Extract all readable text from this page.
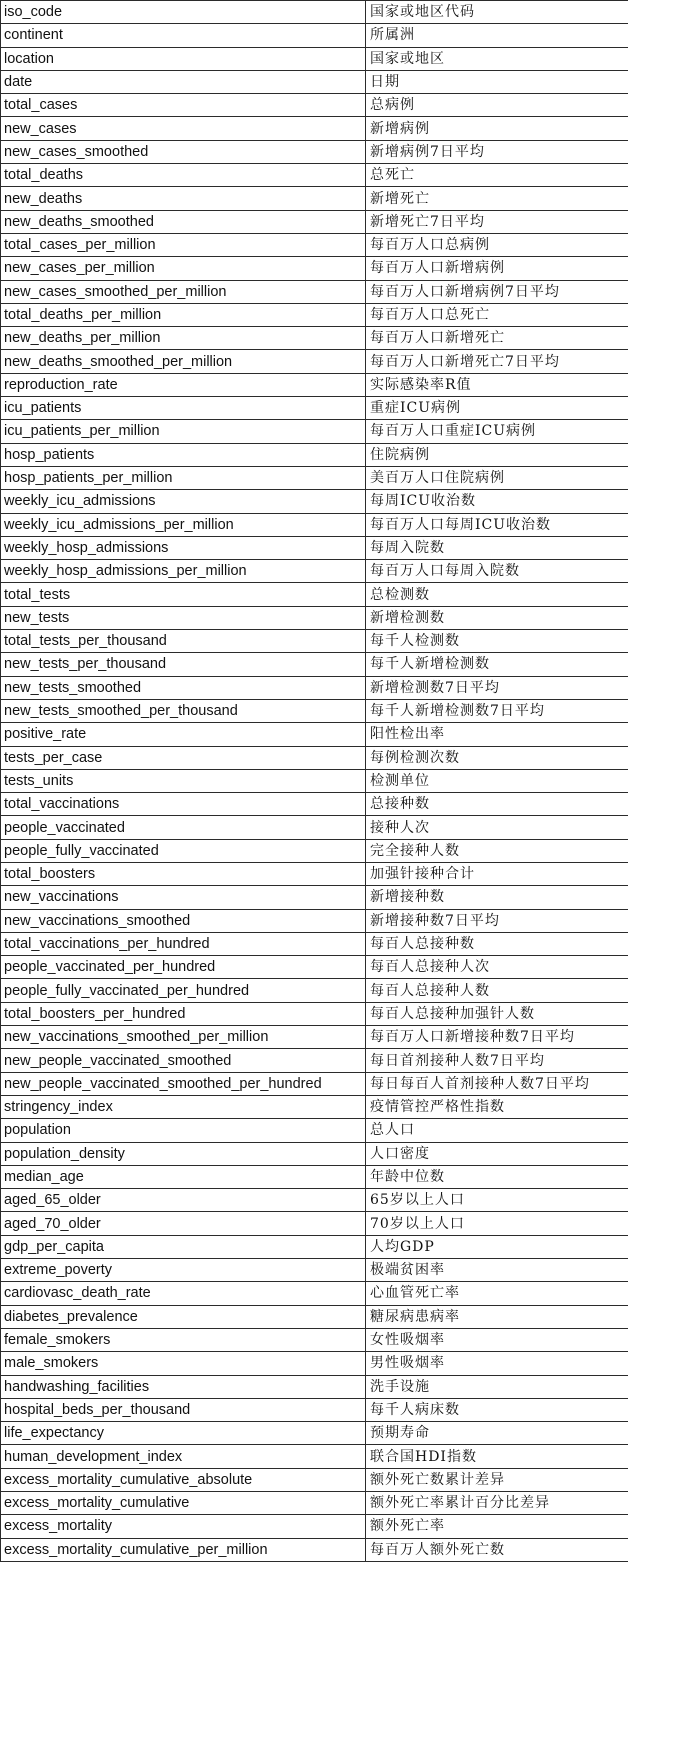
iso_code	国家或地区代码
continent	所属洲
location	国家或地区
date	日期
total_cases	总病例
new_cases	新增病例
new_cases_smoothed	新增病例7日平均
total_deaths	总死亡
new_deaths	新增死亡
new_deaths_smoothed	新增死亡7日平均
total_cases_per_million	每百万人口总病例
new_cases_per_million	每百万人口新增病例
new_cases_smoothed_per_million	每百万人口新增病例7日平均
total_deaths_per_million	每百万人口总死亡
new_deaths_per_million	每百万人口新增死亡
new_deaths_smoothed_per_million	每百万人口新增死亡7日平均
reproduction_rate	实际感染率R值
icu_patients	重症ICU病例
icu_patients_per_million	每百万人口重症ICU病例
hosp_patients	住院病例
hosp_patients_per_million	美百万人口住院病例
weekly_icu_admissions	每周ICU收治数
weekly_icu_admissions_per_million	每百万人口每周ICU收治数
weekly_hosp_admissions	每周入院数
weekly_hosp_admissions_per_million	每百万人口每周入院数
total_tests	总检测数
new_tests	新增检测数
total_tests_per_thousand	每千人检测数
new_tests_per_thousand	每千人新增检测数
new_tests_smoothed	新增检测数7日平均
new_tests_smoothed_per_thousand	每千人新增检测数7日平均
positive_rate	阳性检出率
tests_per_case	每例检测次数
tests_units	检测单位
total_vaccinations	总接种数
people_vaccinated	接种人次
people_fully_vaccinated	完全接种人数
total_boosters	加强针接种合计
new_vaccinations	新增接种数
new_vaccinations_smoothed	新增接种数7日平均
total_vaccinations_per_hundred	每百人总接种数
people_vaccinated_per_hundred	每百人总接种人次
people_fully_vaccinated_per_hundred	每百人总接种人数
total_boosters_per_hundred	每百人总接种加强针人数
new_vaccinations_smoothed_per_million	每百万人口新增接种数7日平均
new_people_vaccinated_smoothed	每日首剂接种人数7日平均
new_people_vaccinated_smoothed_per_hundred	每日每百人首剂接种人数7日平均
stringency_index	疫情管控严格性指数
population	总人口
population_density	人口密度
median_age	年龄中位数
aged_65_older	65岁以上人口
aged_70_older	70岁以上人口
gdp_per_capita	人均GDP
extreme_poverty	极端贫困率
cardiovasc_death_rate	心血管死亡率
diabetes_prevalence	糖尿病患病率
female_smokers	女性吸烟率
male_smokers	男性吸烟率
handwashing_facilities	洗手设施
hospital_beds_per_thousand	每千人病床数
life_expectancy	预期寿命
human_development_index	联合国HDI指数
excess_mortality_cumulative_absolute	额外死亡数累计差异
excess_mortality_cumulative	额外死亡率累计百分比差异
excess_mortality	额外死亡率
excess_mortality_cumulative_per_million	每百万人额外死亡数
